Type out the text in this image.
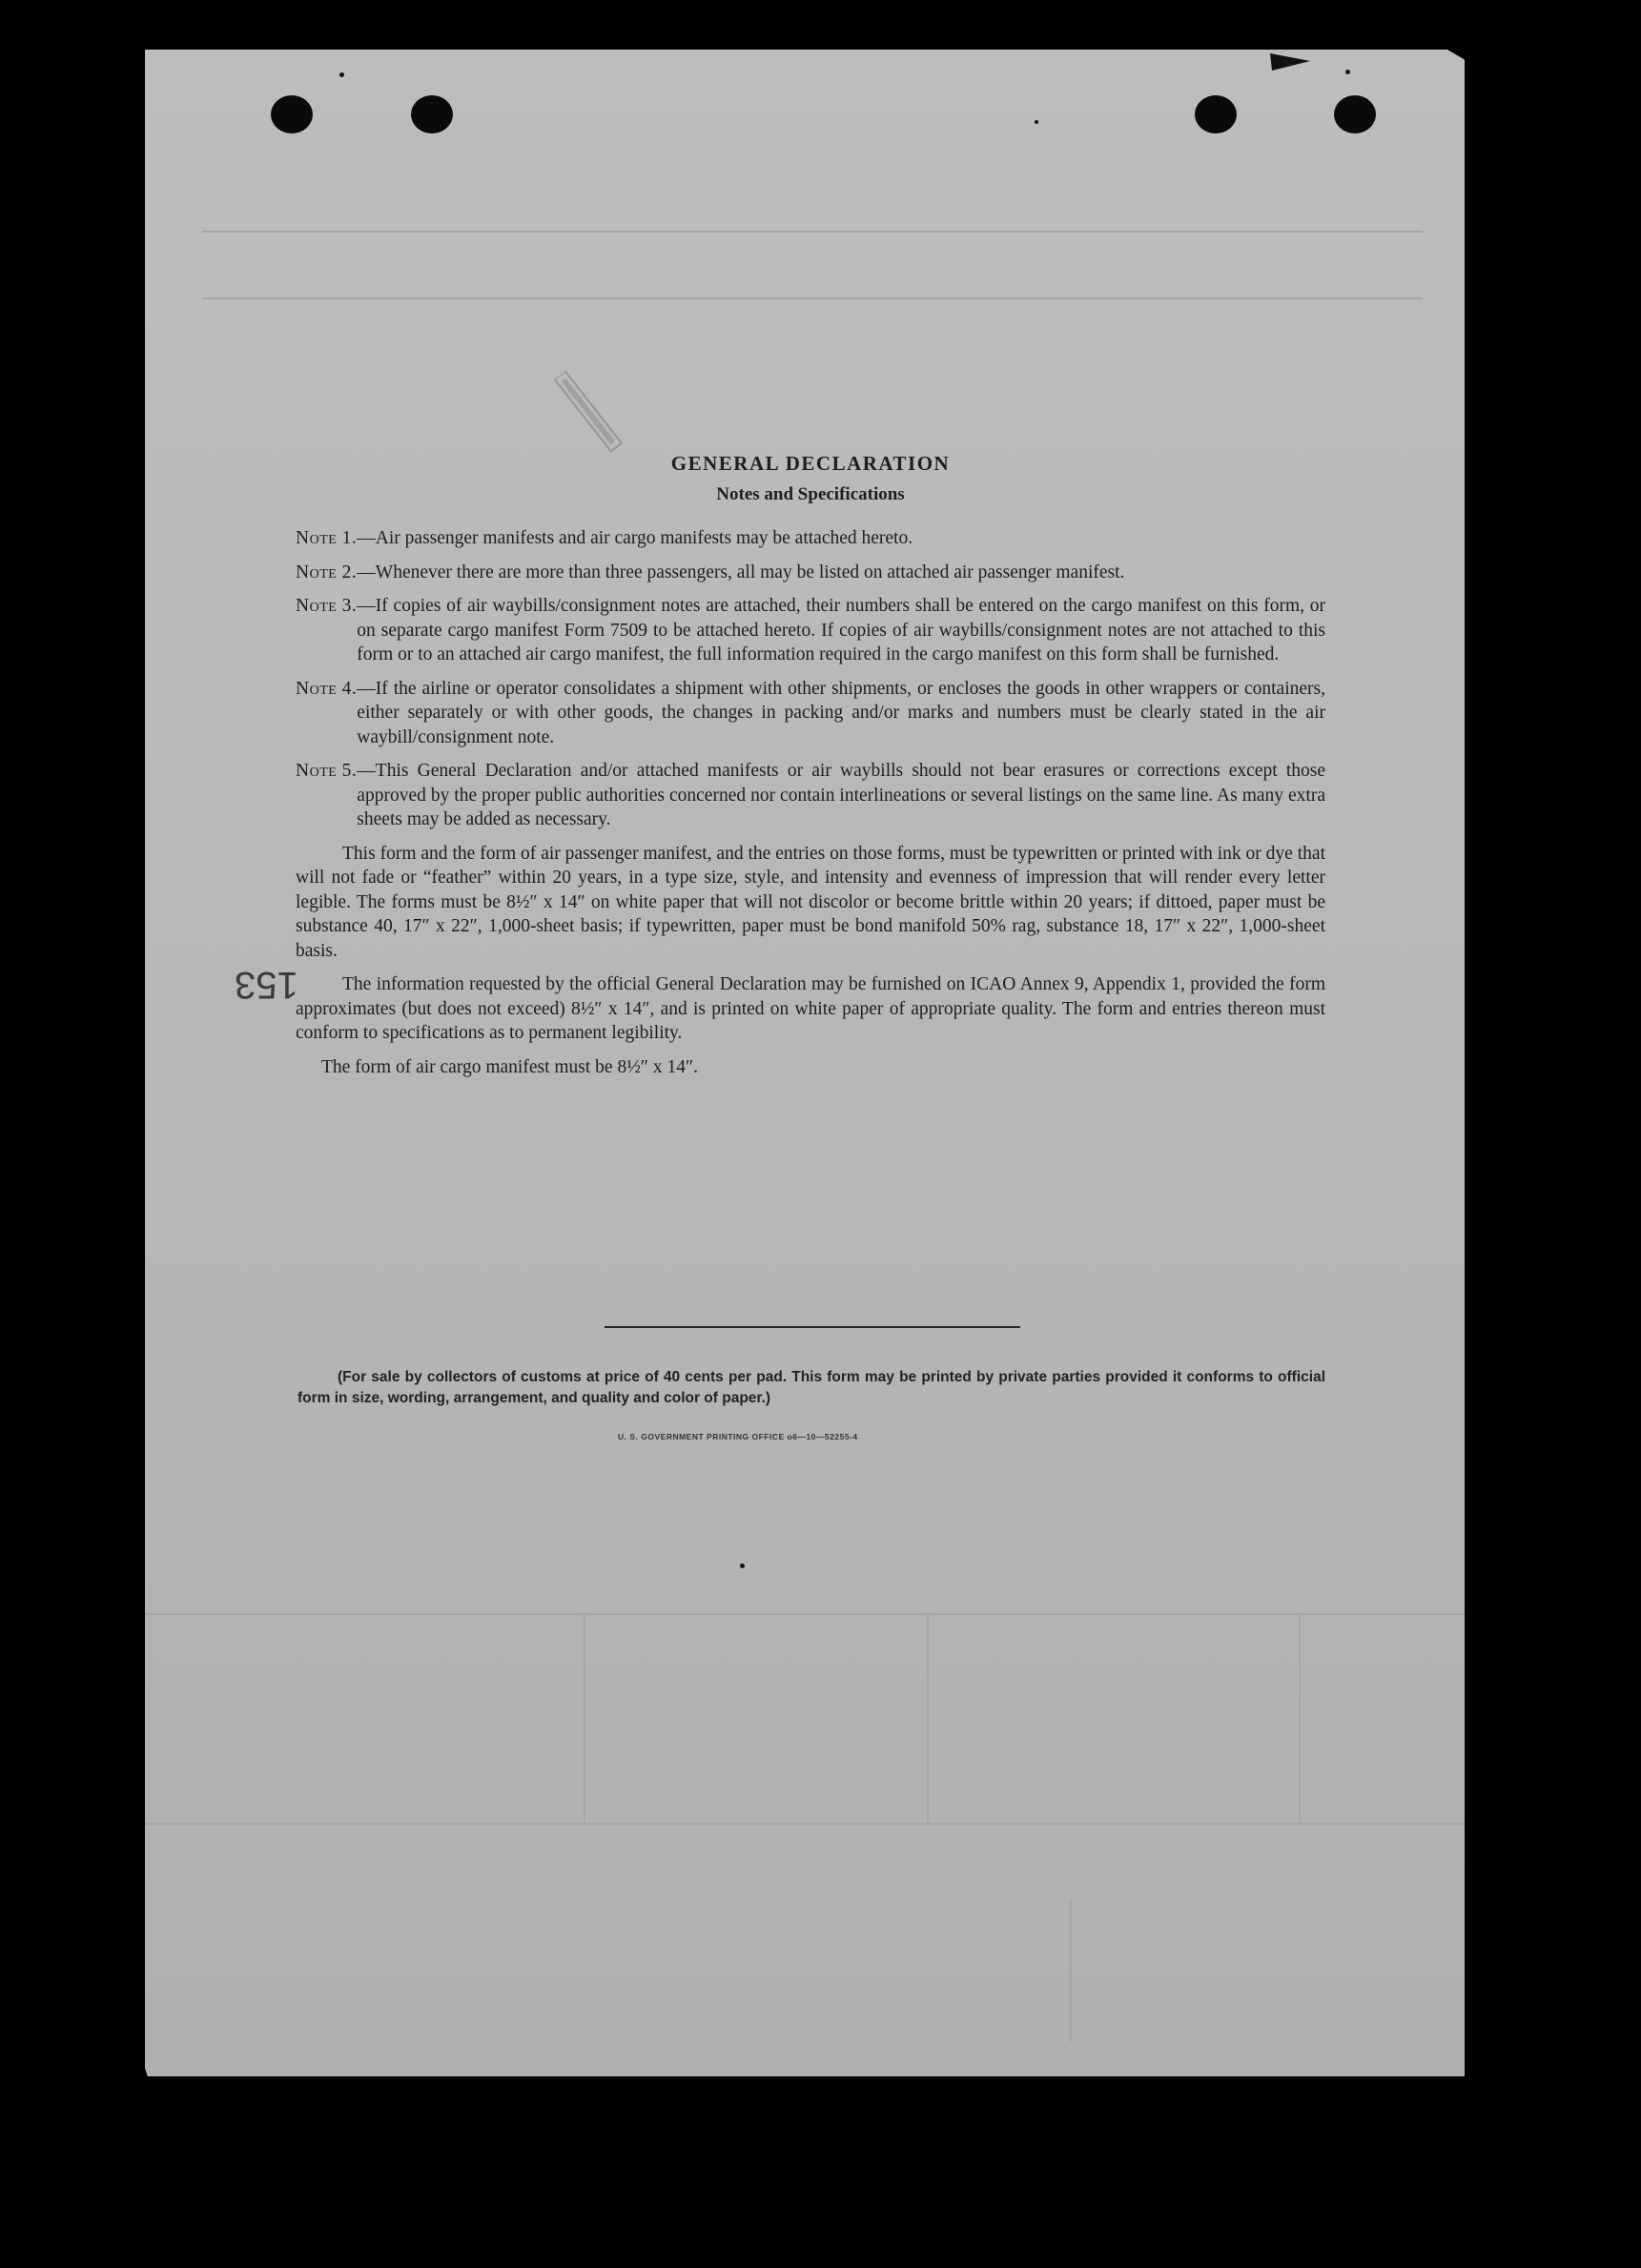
153
GENERAL DECLARATION
Notes and Specifications
Note 1. —Air passenger manifests and air cargo manifests may be attached hereto.
Note 2. —Whenever there are more than three passengers, all may be listed on attached air passenger manifest.
Note 3. —If copies of air waybills/consignment notes are attached, their numbers shall be entered on the cargo manifest on this form, or on separate cargo manifest Form 7509 to be attached hereto. If copies of air waybills/consignment notes are not attached to this form or to an attached air cargo manifest, the full information required in the cargo manifest on this form shall be furnished.
Note 4. —If the airline or operator consolidates a shipment with other shipments, or encloses the goods in other wrappers or containers, either separately or with other goods, the changes in packing and/or marks and numbers must be clearly stated in the air waybill/consignment note.
Note 5. —This General Declaration and/or attached manifests or air waybills should not bear erasures or corrections except those approved by the proper public authorities concerned nor contain interlineations or several listings on the same line. As many extra sheets may be added as necessary.

This form and the form of air passenger manifest, and the entries on those forms, must be typewritten or printed with ink or dye that will not fade or “feather” within 20 years, in a type size, style, and intensity and evenness of impression that will render every letter legible. The forms must be 8½″ x 14″ on white paper that will not discolor or become brittle within 20 years; if dittoed, paper must be substance 40, 17″ x 22″, 1,000-sheet basis; if typewritten, paper must be bond manifold 50% rag, substance 18, 17″ x 22″, 1,000-sheet basis.

The information requested by the official General Declaration may be furnished on ICAO Annex 9, Appendix 1, provided the form approximates (but does not exceed) 8½″ x 14″, and is printed on white paper of appropriate quality. The form and entries thereon must conform to specifications as to permanent legibility.

The form of air cargo manifest must be 8½″ x 14″.

(For sale by collectors of customs at price of 40 cents per pad. This form may be printed by private parties provided it conforms to official form in size, wording, arrangement, and quality and color of paper.)
U. S. GOVERNMENT PRINTING OFFICE o6—10—52255-4
